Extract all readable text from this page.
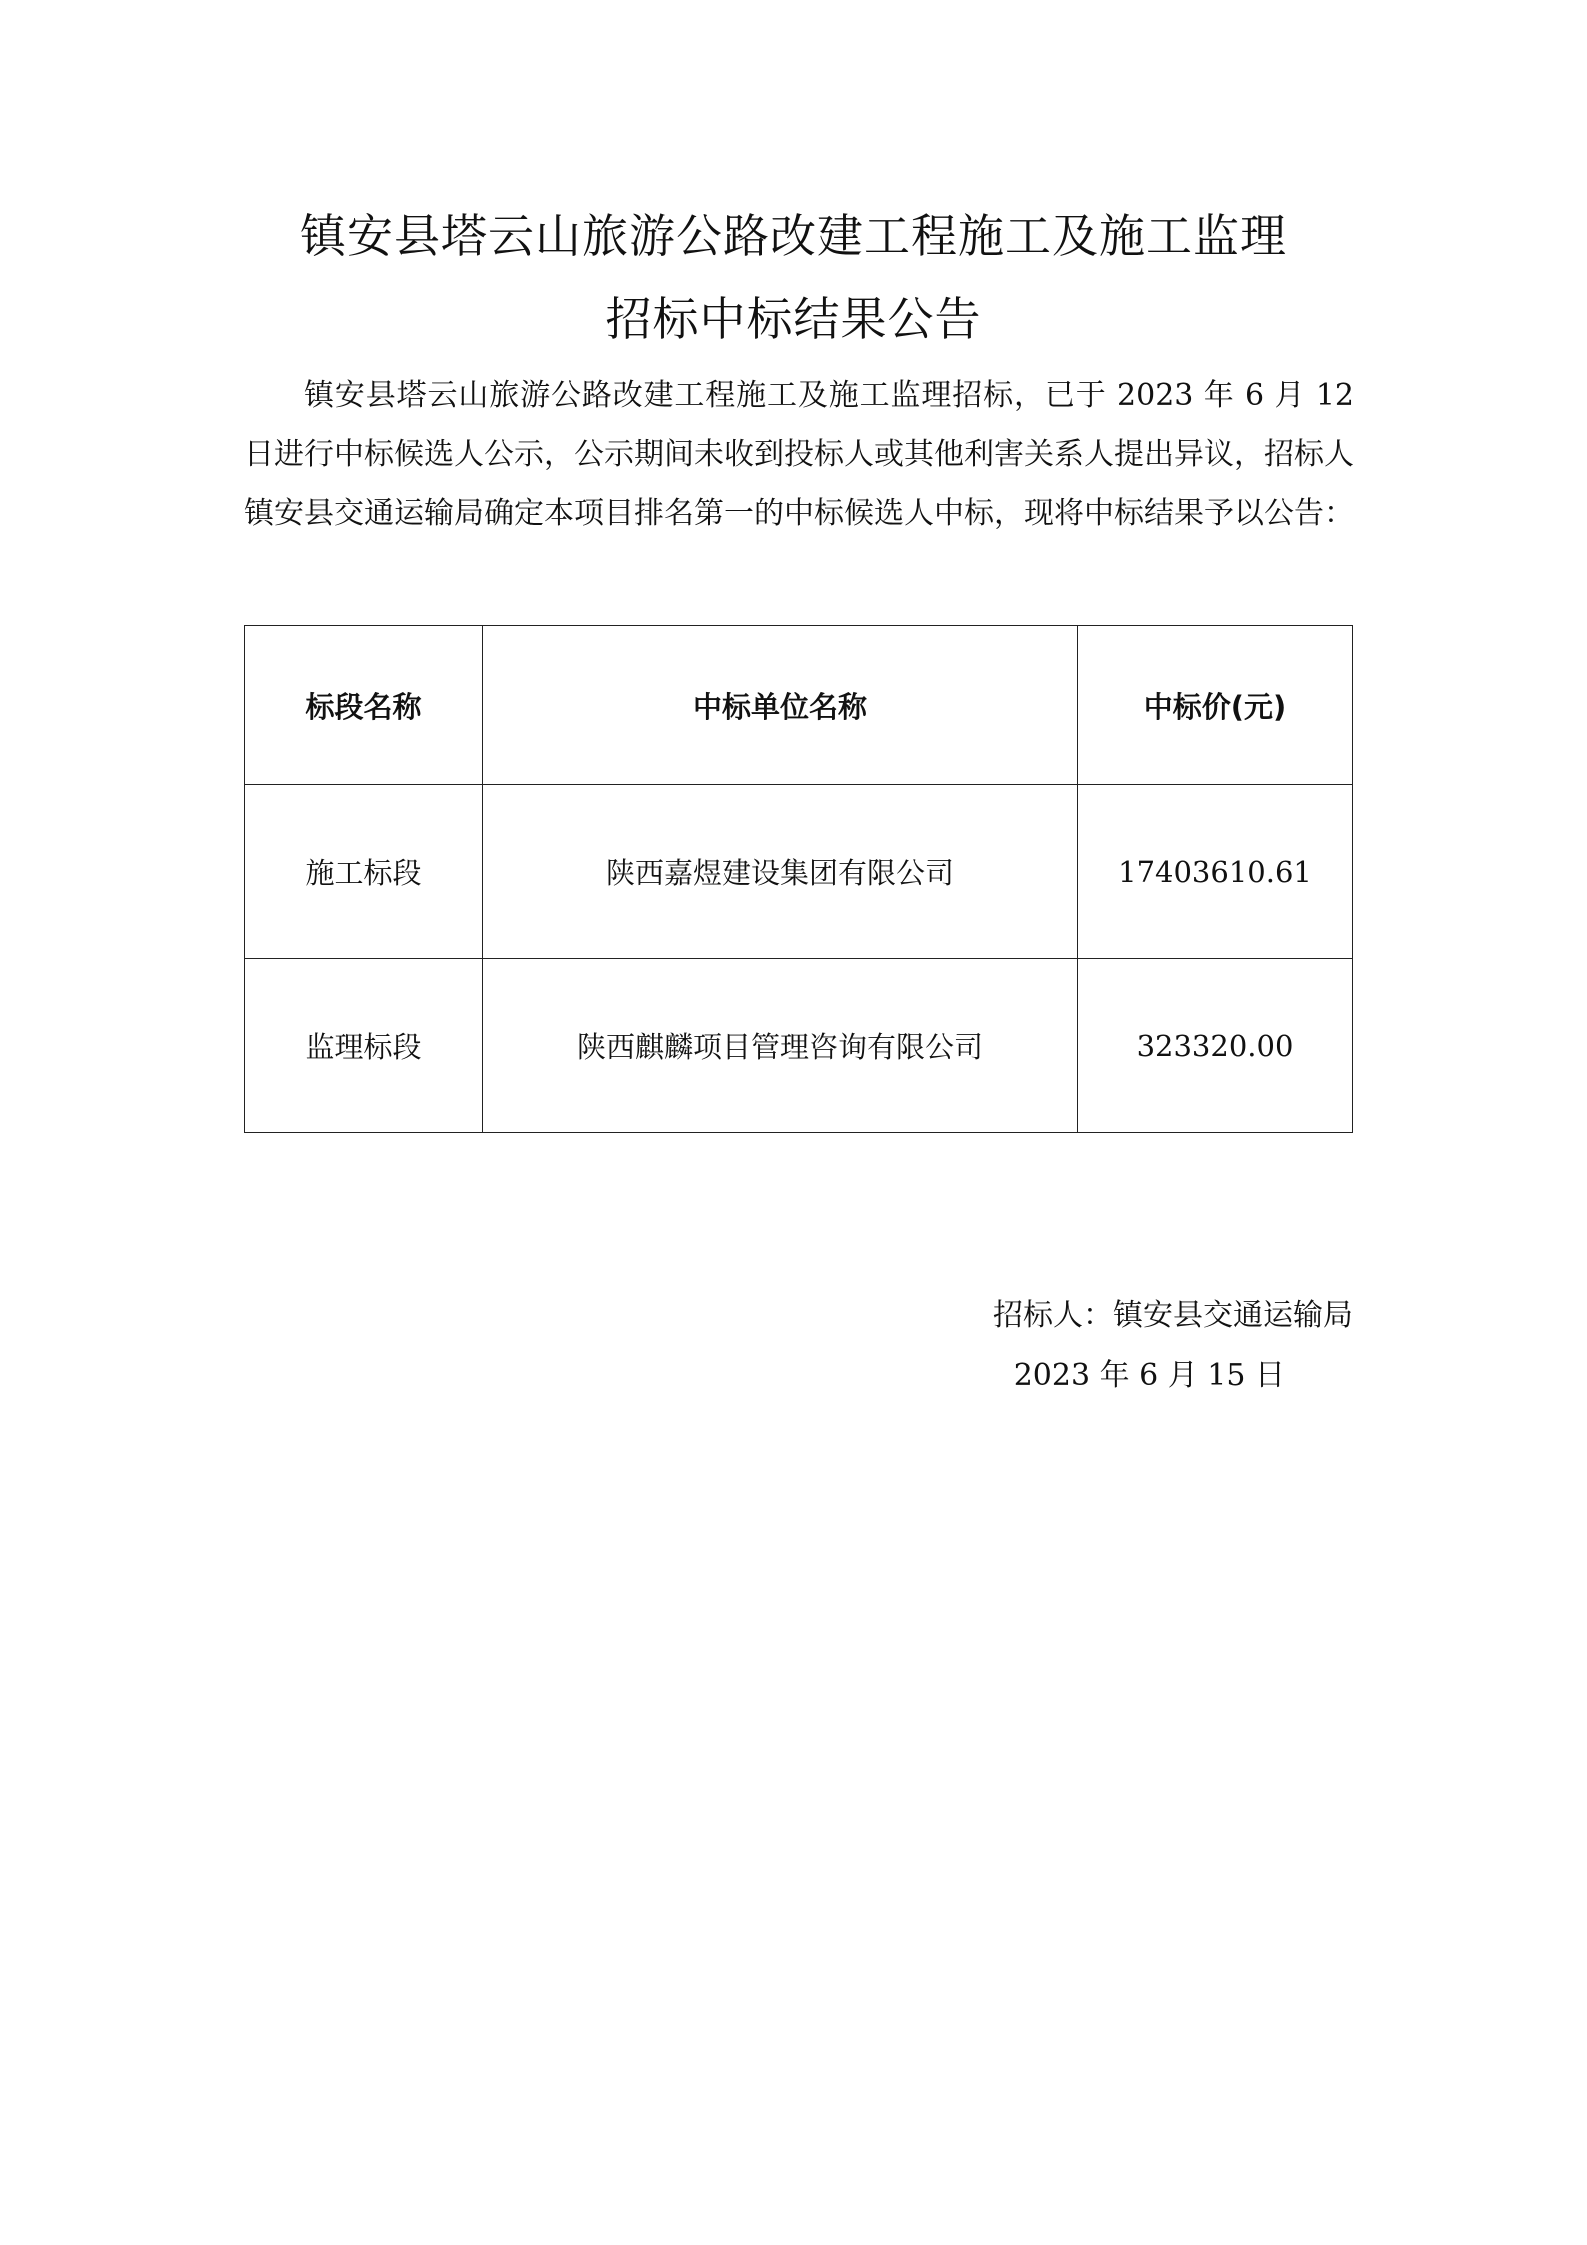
镇安县塔云山旅游公路改建工程施工及施工监理
招标中标结果公告

镇安县塔云山旅游公路改建工程施工及施工监理招标，已于 2023 年 6 月 12 日进行中标候选人公示，公示期间未收到投标人或其他利害关系人提出异议，招标人镇安县交通运输局确定本项目排名第一的中标候选人中标，现将中标结果予以公告：

标段名称	中标单位名称	中标价(元)
施工标段	陕西嘉煜建设集团有限公司	17403610.61
监理标段	陕西麒麟项目管理咨询有限公司	323320.00

招标人：镇安县交通运输局

2023 年 6 月 15 日
